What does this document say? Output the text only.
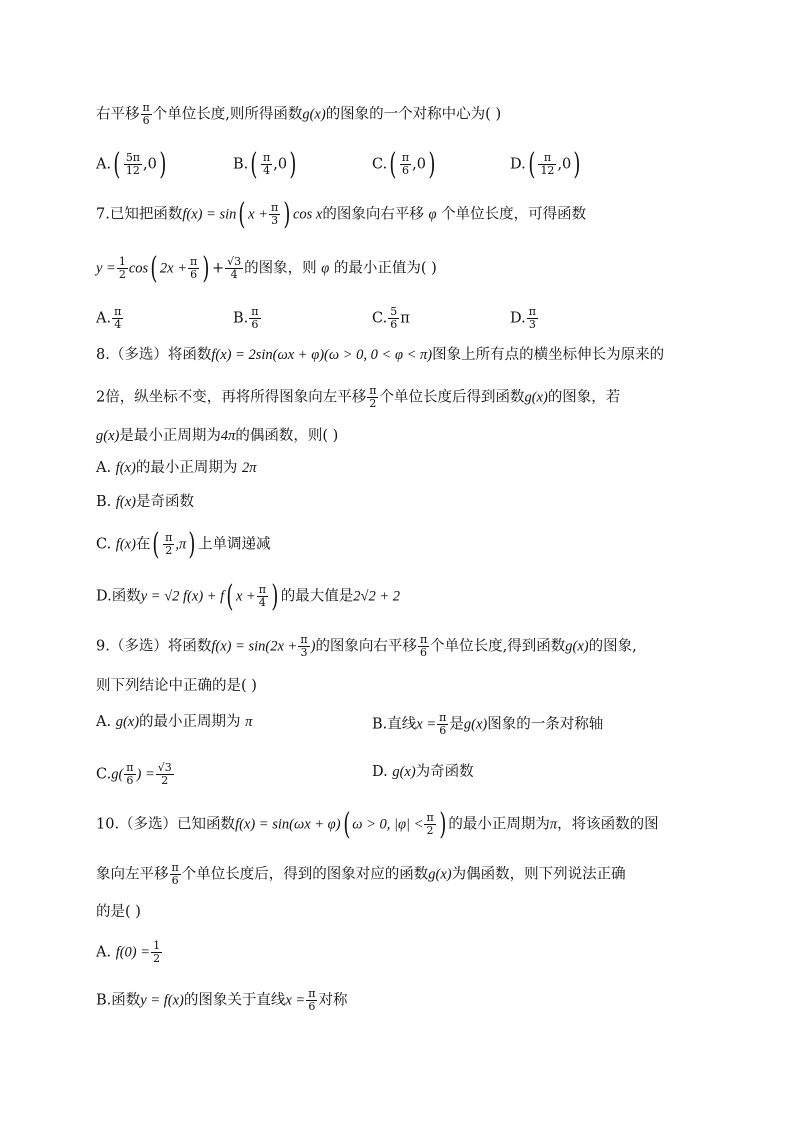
右平移 $\frac{\pi}{6}$ 个单位长度,则所得函数g(x)的图象的一个对称中心为( )
$A.( \frac{5\pi}{12} ,0)$	$B.( \frac{\pi}{4} ,0)$	$C.( \frac{\pi}{6} ,0)$	$D.( \frac{\pi}{12} ,0)$
7.已知把函数f(x) = sin( $x + \frac{\pi}{3}$ ) cos x的图象向右平移 φ 个单位长度，可得函数
$y = \frac{1}{2} \cos$( $2x + \frac{\pi}{6}$ ) + $\frac{√3}{4}$ 的图象，则 φ 的最小正值为( )
A. $\frac{\pi}{4}$	B. $\frac{\pi}{6}$	C. $\frac{5}{6}$ π	D. $\frac{\pi}{3}$
8.（多选）将函数f(x) = 2sin(ωx + φ)(ω > 0, 0 < φ < π)图象上所有点的横坐标伸长为原来的
2倍，纵坐标不变，再将所得图象向左平移 $\frac{\pi}{2}$ 个单位长度后得到函数g(x)的图象，若
g(x)是最小正周期为4π的偶函数，则( )
A. f(x)的最小正周期为 2π
B. f(x)是奇函数
C. f(x)在( $\frac{\pi}{2} ,\pi$) 上单调递减
D.函数y = √2 f(x) + f( $x + \frac{\pi}{4}$ ) 的最大值是2√2 + 2
9.（多选）将函数$f(x) = \sin(2x + \frac{\pi}{3}$ )的图象向右平移 $\frac{\pi}{6}$ 个单位长度,得到函数g(x)的图象,
则下列结论中正确的是( )
A. g(x)的最小正周期为 π	B.直线$x = \frac{\pi}{6}$ 是g(x)图象的一条对称轴
$C.g( \frac{\pi}{6}$ ) = $\frac{√3}{2}$	D. g(x)为奇函数
10.（多选）已知函数f(x) = sin(ωx + φ)( ω > 0, $|\varphi| < \frac{\pi}{2}$ ) 的最小正周期为π，将该函数的图
象向左平移 $\frac{\pi}{6}$ 个单位长度后，得到的图象对应的函数g(x)为偶函数，则下列说法正确
的是( )
A. $f(0) = \frac{1}{2}$
B.函数y = f(x)的图象关于直线$x = \frac{\pi}{6}$ 对称
